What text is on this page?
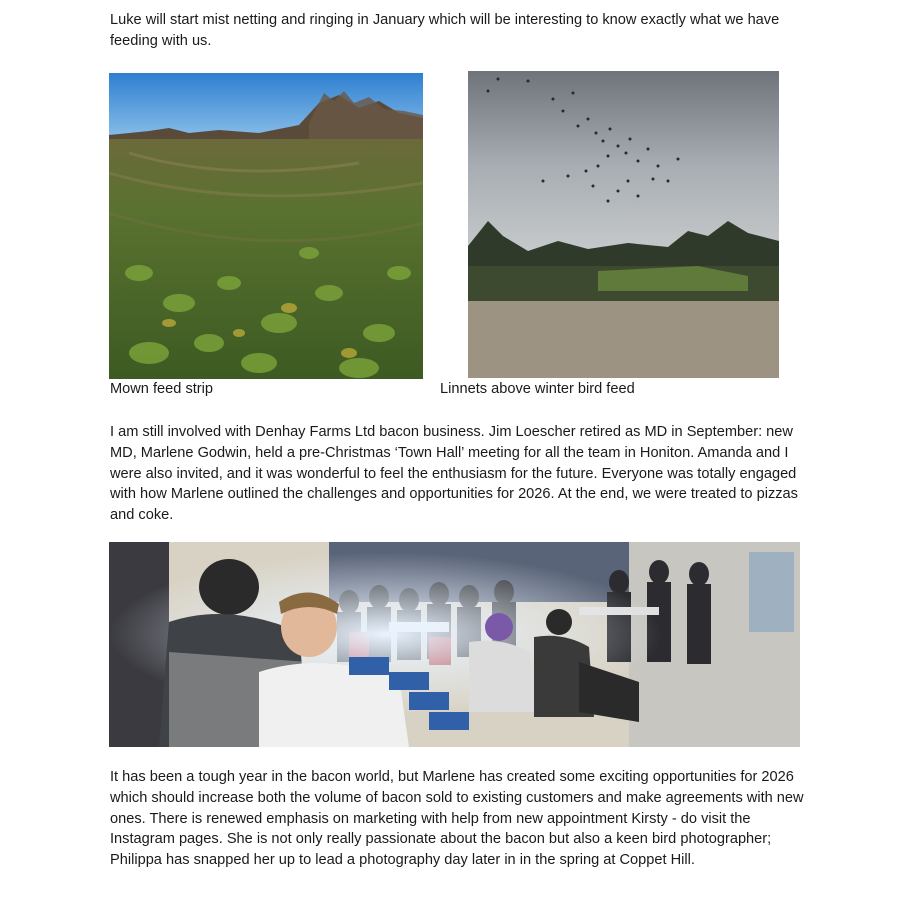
Luke will start mist netting and ringing in January which will be interesting to know exactly what we have feeding with us.

Mown feed strip	Linnets above winter bird feed

I am still involved with Denhay Farms Ltd bacon business. Jim Loescher retired as MD in September: new MD, Marlene Godwin, held a pre-Christmas ‘Town Hall’ meeting for all the team in Honiton. Amanda and I were also invited, and it was wonderful to feel the enthusiasm for the future. Everyone was totally engaged with how Marlene outlined the challenges and opportunities for 2026. At the end, we were treated to pizzas and coke.

It has been a tough year in the bacon world, but Marlene has created some exciting opportunities for 2026 which should increase both the volume of bacon sold to existing customers and make agreements with new ones. There is renewed emphasis on marketing with help from new appointment Kirsty - do visit the Instagram pages. She is not only really passionate about the bacon but also a keen bird photographer; Philippa has snapped her up to lead a photography day later in in the spring at Coppet Hill.
